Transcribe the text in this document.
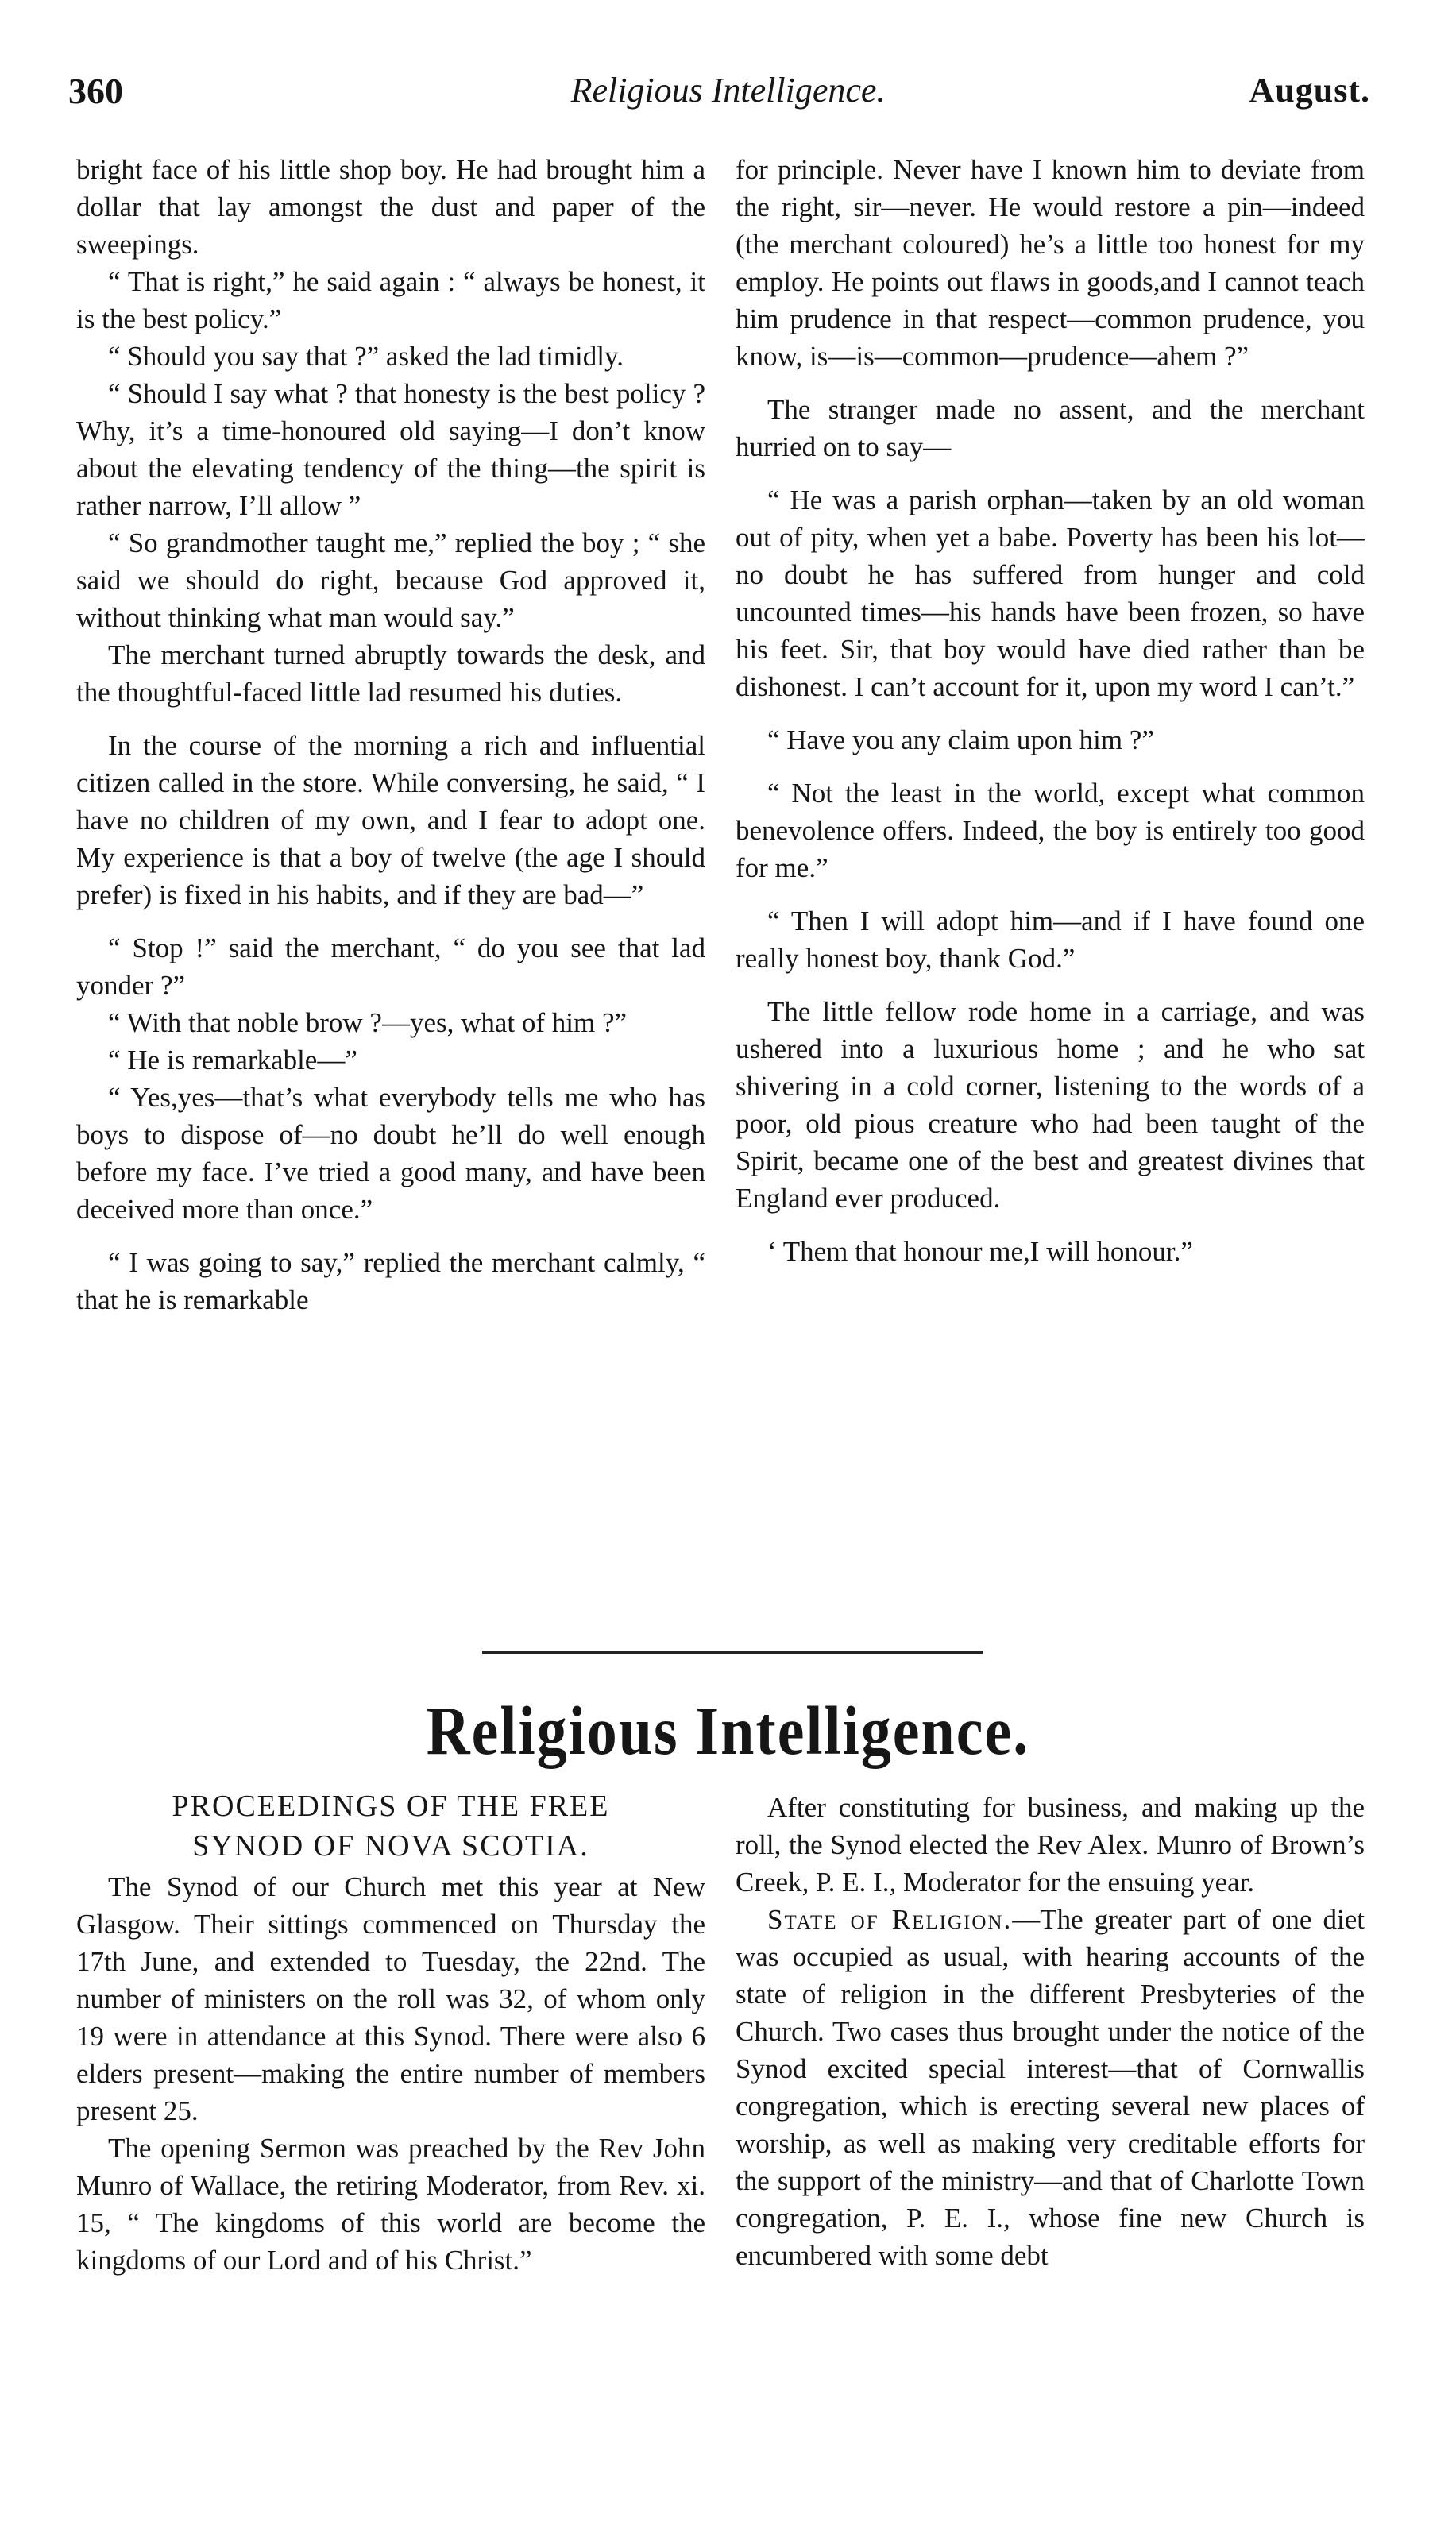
360	Religious Intelligence.	August.

bright face of his little shop boy. He had brought him a dollar that lay amongst the dust and paper of the sweepings.

“ That is right,” he said again : “ always be honest, it is the best policy.”

“ Should you say that ?” asked the lad timidly.

“ Should I say what ? that honesty is the best policy ? Why, it’s a time-honoured old saying—I don’t know about the elevating tendency of the thing—the spirit is rather narrow, I’ll allow ”

“ So grandmother taught me,” replied the boy ; “ she said we should do right, because God approved it, without thinking what man would say.”

The merchant turned abruptly towards the desk, and the thoughtful-faced little lad resumed his duties.

In the course of the morning a rich and influential citizen called in the store. While conversing, he said, “ I have no children of my own, and I fear to adopt one. My experience is that a boy of twelve (the age I should prefer) is fixed in his habits, and if they are bad—”

“ Stop !” said the merchant, “ do you see that lad yonder ?”

“ With that noble brow ?—yes, what of him ?”

“ He is remarkable—”

“ Yes,yes—that’s what everybody tells me who has boys to dispose of—no doubt he’ll do well enough before my face. I’ve tried a good many, and have been deceived more than once.”

“ I was going to say,” replied the merchant calmly, “ that he is remarkable

for principle. Never have I known him to deviate from the right, sir—never. He would restore a pin—indeed (the merchant coloured) he’s a little too honest for my employ. He points out flaws in goods,and I cannot teach him prudence in that respect—common prudence, you know, is—is—common—prudence—ahem ?”

The stranger made no assent, and the merchant hurried on to say—

“ He was a parish orphan—taken by an old woman out of pity, when yet a babe. Poverty has been his lot—no doubt he has suffered from hunger and cold uncounted times—his hands have been frozen, so have his feet. Sir, that boy would have died rather than be dishonest. I can’t account for it, upon my word I can’t.”

“ Have you any claim upon him ?”

“ Not the least in the world, except what common benevolence offers. Indeed, the boy is entirely too good for me.”

“ Then I will adopt him—and if I have found one really honest boy, thank God.”

The little fellow rode home in a carriage, and was ushered into a luxurious home ; and he who sat shivering in a cold corner, listening to the words of a poor, old pious creature who had been taught of the Spirit, became one of the best and greatest divines that England ever produced.

‘ Them that honour me,I will honour.”

Religious Intelligence.
PROCEEDINGS OF THE FREE
SYNOD OF NOVA SCOTIA.

The Synod of our Church met this year at New Glasgow. Their sittings commenced on Thursday the 17th June, and extended to Tuesday, the 22nd. The number of ministers on the roll was 32, of whom only 19 were in attendance at this Synod. There were also 6 elders present—making the entire number of members present 25.

The opening Sermon was preached by the Rev John Munro of Wallace, the retiring Moderator, from Rev. xi. 15, “ The kingdoms of this world are become the kingdoms of our Lord and of his Christ.”

After constituting for business, and making up the roll, the Synod elected the Rev Alex. Munro of Brown’s Creek, P. E. I., Moderator for the ensuing year.

State of Religion.—The greater part of one diet was occupied as usual, with hearing accounts of the state of religion in the different Presbyteries of the Church. Two cases thus brought under the notice of the Synod excited special interest—that of Cornwallis congregation, which is erecting several new places of worship, as well as making very creditable efforts for the support of the ministry—and that of Charlotte Town congregation, P. E. I., whose fine new Church is encumbered with some debt
